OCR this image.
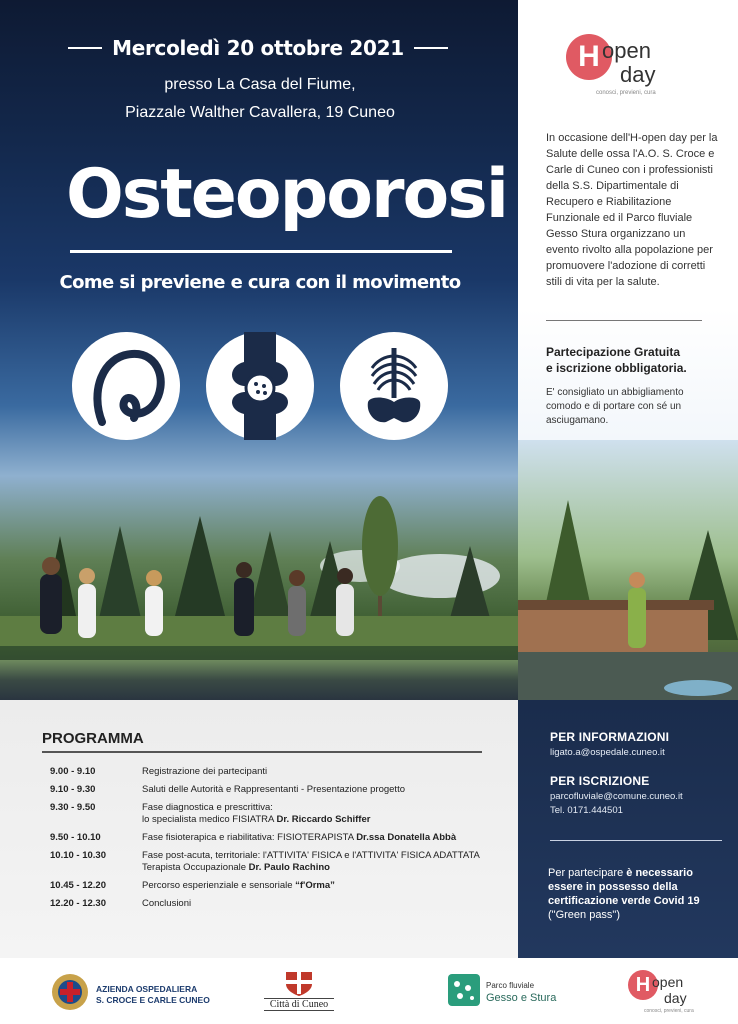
Mercoledì 20 ottobre 2021
presso La Casa del Fiume,
Piazzale Walther Cavallera, 19 Cuneo
Osteoporosi
Come si previene e cura con il movimento
H open
day
conosci, previeni, cura
In occasione dell'H-open day per la Salute delle ossa l'A.O. S. Croce e Carle di Cuneo con i professionisti della S.S. Dipartimentale di Recupero e Riabilitazione Funzionale ed il Parco fluviale Gesso Stura organizzano un evento rivolto alla popolazione per promuovere l'adozione di corretti stili di vita per la salute.
Partecipazione Gratuita
e iscrizione obbligatoria.
E' consigliato un abbigliamento comodo e di portare con sé un asciugamano.
PROGRAMMA
9.00 - 9.10	Registrazione dei partecipanti
9.10 - 9.30	Saluti delle Autorità e Rappresentanti - Presentazione progetto
9.30 - 9.50	Fase diagnostica e prescrittiva:
lo specialista medico FISIATRA Dr. Riccardo Schiffer
9.50 - 10.10	Fase fisioterapica e riabilitativa: FISIOTERAPISTA Dr.ssa Donatella Abbà
10.10 - 10.30	Fase post-acuta, territoriale: l'ATTIVITA' FISICA e l'ATTIVITA' FISICA ADATTATA
Terapista Occupazionale Dr. Paulo Rachino
10.45 - 12.20	Percorso esperienziale e sensoriale “f'Orma”
12.20 - 12.30	Conclusioni
PER INFORMAZIONI
ligato.a@ospedale.cuneo.it
PER ISCRIZIONE
parcofluviale@comune.cuneo.it
Tel. 0171.444501
Per partecipare è necessario essere in possesso della certificazione verde Covid 19 ("Green pass")
AZIENDA OSPEDALIERA
S. CROCE E CARLE CUNEO	Città di Cuneo
Parco fluviale
Gesso e Stura
H open
day
conosci, previeni, cura
